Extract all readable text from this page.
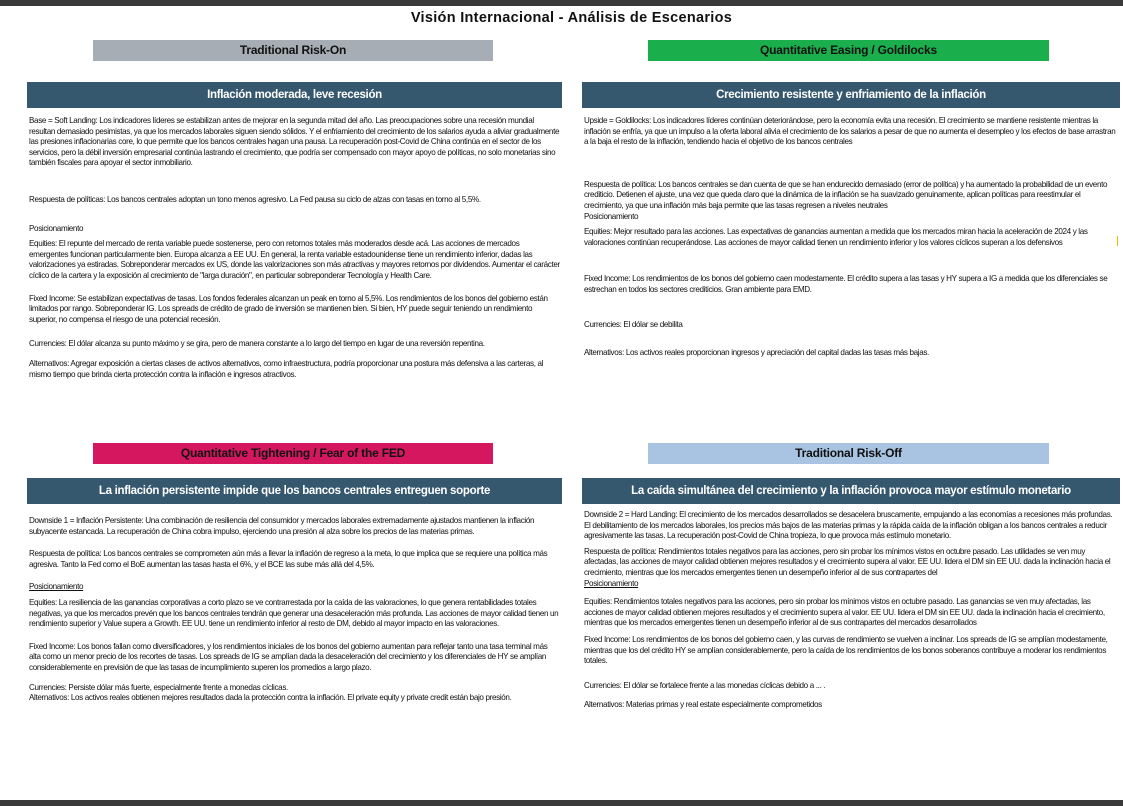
Visión Internacional - Análisis de Escenarios
Traditional Risk-On	Quantitative Easing / Goldilocks
Quantitative Tightening / Fear of the FED	Traditional Risk-Off
Inflación moderada, leve recesión	Crecimiento resistente y enfriamiento de la inflación
La inflación persistente impide que los bancos centrales entreguen soporte	La caída simultánea del crecimiento y la inflación provoca mayor estímulo monetario
Base = Soft Landing: Los indicadores líderes se estabilizan antes de mejorar en la segunda mitad del año. Las preocupaciones sobre una recesión mundial resultan demasiado pesimistas, ya que los mercados laborales siguen siendo sólidos. Y el enfriamiento del crecimiento de los salarios ayuda a aliviar gradualmente las presiones inflacionarias core, lo que permite que los bancos centrales hagan una pausa. La recuperación post-Covid de China continúa en el sector de los servicios, pero la débil inversión empresarial continúa lastrando el crecimiento, que podría ser compensado con mayor apoyo de políticas, no solo monetarias sino también fiscales para apoyar el sector inmobiliario.
Respuesta de políticas: Los bancos centrales adoptan un tono menos agresivo. La Fed pausa su ciclo de alzas con tasas en torno al 5,5%.
Posicionamiento
Equities: El repunte del mercado de renta variable puede sostenerse, pero con retornos totales más moderados desde acá. Las acciones de mercados emergentes funcionan particularmente bien. Europa alcanza a EE UU. En general, la renta variable estadounidense tiene un rendimiento inferior, dadas las valorizaciones ya estiradas. Sobreponderar mercados ex US, donde las valorizaciones son más atractivas y mayores retornos por dividendos. Aumentar el carácter cíclico de la cartera y la exposición al crecimiento de "larga duración", en particular sobreponderar Tecnología y Health Care.
Fixed Income: Se estabilizan expectativas de tasas. Los fondos federales alcanzan un peak en torno al 5,5%. Los rendimientos de los bonos del gobierno están limitados por rango. Sobreponderar IG. Los spreads de crédito de grado de inversión se mantienen bien. Si bien, HY puede seguir teniendo un rendimiento superior, no compensa el riesgo de una potencial recesión.
Currencies: El dólar alcanza su punto máximo y se gira, pero de manera constante a lo largo del tiempo en lugar de una reversión repentina.
Alternativos: Agregar exposición a ciertas clases de activos alternativos, como infraestructura, podría proporcionar una postura más defensiva a las carteras, al mismo tiempo que brinda cierta protección contra la inflación e ingresos atractivos.
Upside = Goldilocks: Los indicadores líderes continúan deteriorándose, pero la economía evita una recesión. El crecimiento se mantiene resistente mientras la inflación se enfría, ya que un impulso a la oferta laboral alivia el crecimiento de los salarios a pesar de que no aumenta el desempleo y los efectos de base arrastran a la baja el resto de la inflación, tendiendo hacia el objetivo de los bancos centrales
Respuesta de política: Los bancos centrales se dan cuenta de que se han endurecido demasiado (error de política) y ha aumentado la probabilidad de un evento crediticio. Detienen el ajuste, una vez que queda claro que la dinámica de la inflación se ha suavizado genuinamente, aplican políticas para reestimular el crecimiento, ya que una inflación más baja permite que las tasas regresen a niveles neutrales
Posicionamiento
Equities: Mejor resultado para las acciones. Las expectativas de ganancias aumentan a medida que los mercados miran hacia la aceleración de 2024 y las valoraciones continúan recuperándose. Las acciones de mayor calidad tienen un rendimiento inferior y los valores cíclicos superan a los defensivos
Fixed Income: Los rendimientos de los bonos del gobierno caen modestamente. El crédito supera a las tasas y HY supera a IG a medida que los diferenciales se estrechan en todos los sectores crediticios. Gran ambiente para EMD.
Currencies: El dólar se debilita
Alternativos: Los activos reales proporcionan ingresos y apreciación del capital dadas las tasas más bajas.
Downside 1 = Inflación Persistente: Una combinación de resiliencia del consumidor y mercados laborales extremadamente ajustados mantienen la inflación subyacente estancada. La recuperación de China cobra impulso, ejerciendo una presión al alza sobre los precios de las materias primas.
Respuesta de política: Los bancos centrales se comprometen aún más a llevar la inflación de regreso a la meta, lo que implica que se requiere una política más agresiva. Tanto la Fed como el BoE aumentan las tasas hasta el 6%, y el BCE las sube más allá del 4,5%.
Posicionamiento
Equities: La resiliencia de las ganancias corporativas a corto plazo se ve contrarrestada por la caída de las valoraciones, lo que genera rentabilidades totales negativas, ya que los mercados prevén que los bancos centrales tendrán que generar una desaceleración más profunda. Las acciones de mayor calidad tienen un rendimiento superior y Value supera a Growth. EE UU. tiene un rendimiento inferior al resto de DM, debido al mayor impacto en las valoraciones.
Fixed Income: Los bonos fallan como diversificadores, y los rendimientos iniciales de los bonos del gobierno aumentan para reflejar tanto una tasa terminal más alta como un menor precio de los recortes de tasas. Los spreads de IG se amplían dada la desaceleración del crecimiento y los diferenciales de HY se amplían considerablemente en previsión de que las tasas de incumplimiento superen los promedios a largo plazo.
Currencies: Persiste dólar más fuerte, especialmente frente a monedas cíclicas.
Alternativos: Los activos reales obtienen mejores resultados dada la protección contra la inflación. El private equity y private credit están bajo presión.
Downside 2 = Hard Landing: El crecimiento de los mercados desarrollados se desacelera bruscamente, empujando a las economías a recesiones más profundas. El debilitamiento de los mercados laborales, los precios más bajos de las materias primas y la rápida caída de la inflación obligan a los bancos centrales a reducir agresivamente las tasas. La recuperación post-Covid de China tropieza, lo que provoca más estímulo monetario.
Respuesta de política: Rendimientos totales negativos para las acciones, pero sin probar los mínimos vistos en octubre pasado. Las utilidades se ven muy afectadas, las acciones de mayor calidad obtienen mejores resultados y el crecimiento supera al valor. EE UU. lidera el DM sin EE UU. dada la inclinación hacia el crecimiento, mientras que los mercados emergentes tienen un desempeño inferior al de sus contrapartes del
Posicionamiento
Equities: Rendimientos totales negativos para las acciones, pero sin probar los mínimos vistos en octubre pasado. Las ganancias se ven muy afectadas, las acciones de mayor calidad obtienen mejores resultados y el crecimiento supera al valor. EE UU. lidera el DM sin EE UU. dada la inclinación hacia el crecimiento, mientras que los mercados emergentes tienen un desempeño inferior al de sus contrapartes del mercados desarrollados
Fixed Income: Los rendimientos de los bonos del gobierno caen, y las curvas de rendimiento se vuelven a inclinar. Los spreads de IG se amplían modestamente, mientras que los del crédito HY se amplían considerablemente, pero la caída de los rendimientos de los bonos soberanos contribuye a moderar los rendimientos totales.
Currencies: El dólar se fortalece frente a las monedas cíclicas debido a ... .
Alternativos: Materias primas y real estate especialmente comprometidos
